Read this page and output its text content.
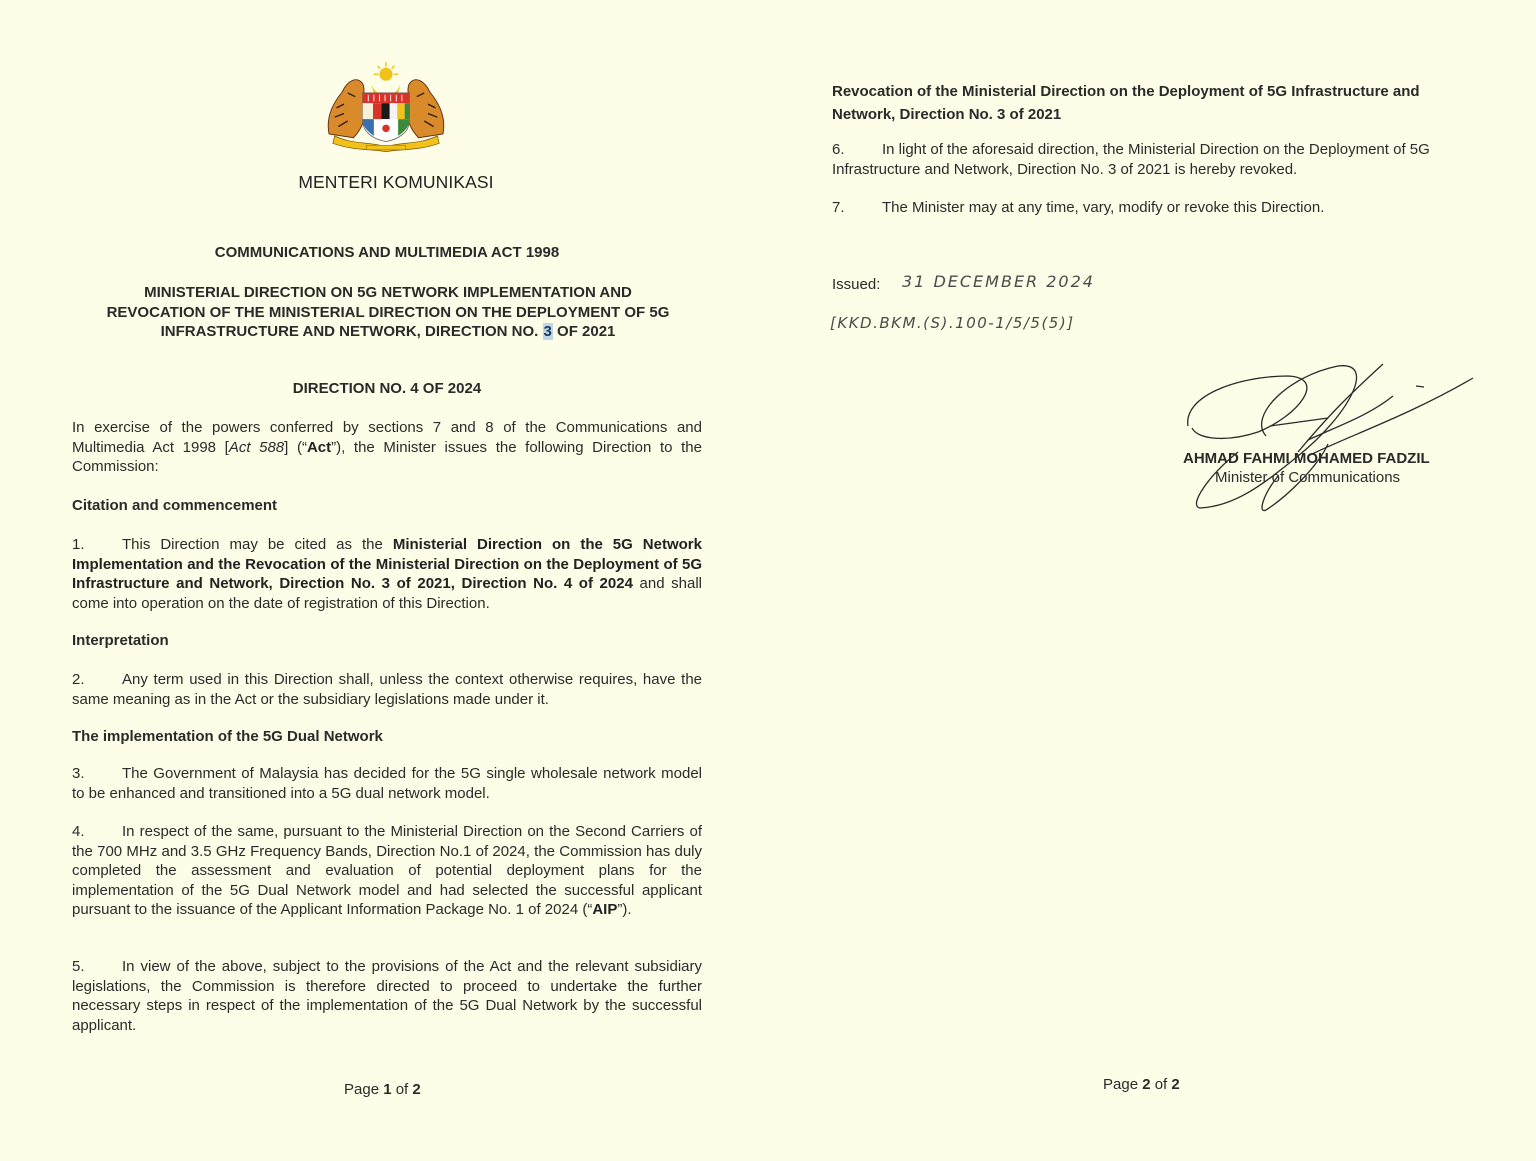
MENTERI KOMUNIKASI
COMMUNICATIONS AND MULTIMEDIA ACT 1998
MINISTERIAL DIRECTION ON 5G NETWORK IMPLEMENTATION AND
REVOCATION OF THE MINISTERIAL DIRECTION ON THE DEPLOYMENT OF 5G
INFRASTRUCTURE AND NETWORK, DIRECTION NO. 3 OF 2021
DIRECTION NO. 4 OF 2024
In exercise of the powers conferred by sections 7 and 8 of the Communications and Multimedia Act 1998 [Act 588] (“Act”), the Minister issues the following Direction to the Commission:
Citation and commencement
1. This Direction may be cited as the Ministerial Direction on the 5G Network Implementation and the Revocation of the Ministerial Direction on the Deployment of 5G Infrastructure and Network, Direction No. 3 of 2021, Direction No. 4 of 2024 and shall come into operation on the date of registration of this Direction.
Interpretation
2. Any term used in this Direction shall, unless the context otherwise requires, have the same meaning as in the Act or the subsidiary legislations made under it.
The implementation of the 5G Dual Network
3. The Government of Malaysia has decided for the 5G single wholesale network model to be enhanced and transitioned into a 5G dual network model.
4. In respect of the same, pursuant to the Ministerial Direction on the Second Carriers of the 700 MHz and 3.5 GHz Frequency Bands, Direction No.1 of 2024, the Commission has duly completed the assessment and evaluation of potential deployment plans for the implementation of the 5G Dual Network model and had selected the successful applicant pursuant to the issuance of the Applicant Information Package No. 1 of 2024 (“AIP”).
5. In view of the above, subject to the provisions of the Act and the relevant subsidiary legislations, the Commission is therefore directed to proceed to undertake the further necessary steps in respect of the implementation of the 5G Dual Network by the successful applicant.
Page 1 of 2
Revocation of the Ministerial Direction on the Deployment of 5G Infrastructure and Network, Direction No. 3 of 2021
6. In light of the aforesaid direction, the Ministerial Direction on the Deployment of 5G Infrastructure and Network, Direction No. 3 of 2021 is hereby revoked.
7. The Minister may at any time, vary, modify or revoke this Direction.
Issued: 31 DECEMBER 2024
[KKD.BKM.(S).100-1/5/5(5)]
AHMAD FAHMI MOHAMED FADZIL
Minister of Communications
Page 2 of 2
